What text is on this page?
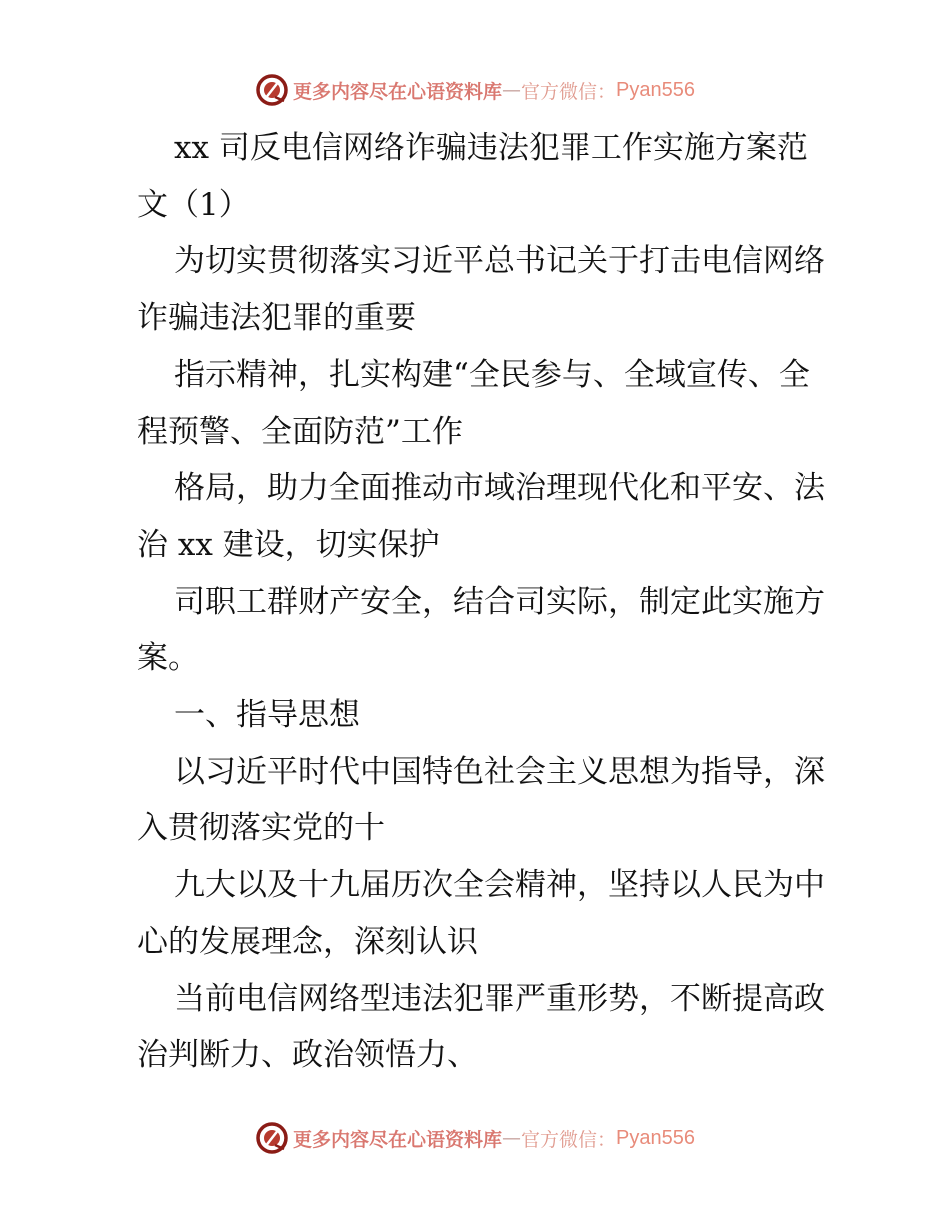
更多内容尽在心语资料库 — 官方微信： Pyan556

xx 司反电信网络诈骗违法犯罪工作实施方案范
文（1）

为切实贯彻落实习近平总书记关于打击电信网络
诈骗违法犯罪的重要

指示精神，扎实构建“全民参与、全域宣传、全
程预警、全面防范”工作

格局，助力全面推动市域治理现代化和平安、法
治 xx 建设，切实保护

司职工群财产安全，结合司实际，制定此实施方
案。

一、指导思想

以习近平时代中国特色社会主义思想为指导，深
入贯彻落实党的十

九大以及十九届历次全会精神，坚持以人民为中
心的发展理念，深刻认识

当前电信网络型违法犯罪严重形势，不断提高政
治判断力、政治领悟力、

更多内容尽在心语资料库 — 官方微信： Pyan556
